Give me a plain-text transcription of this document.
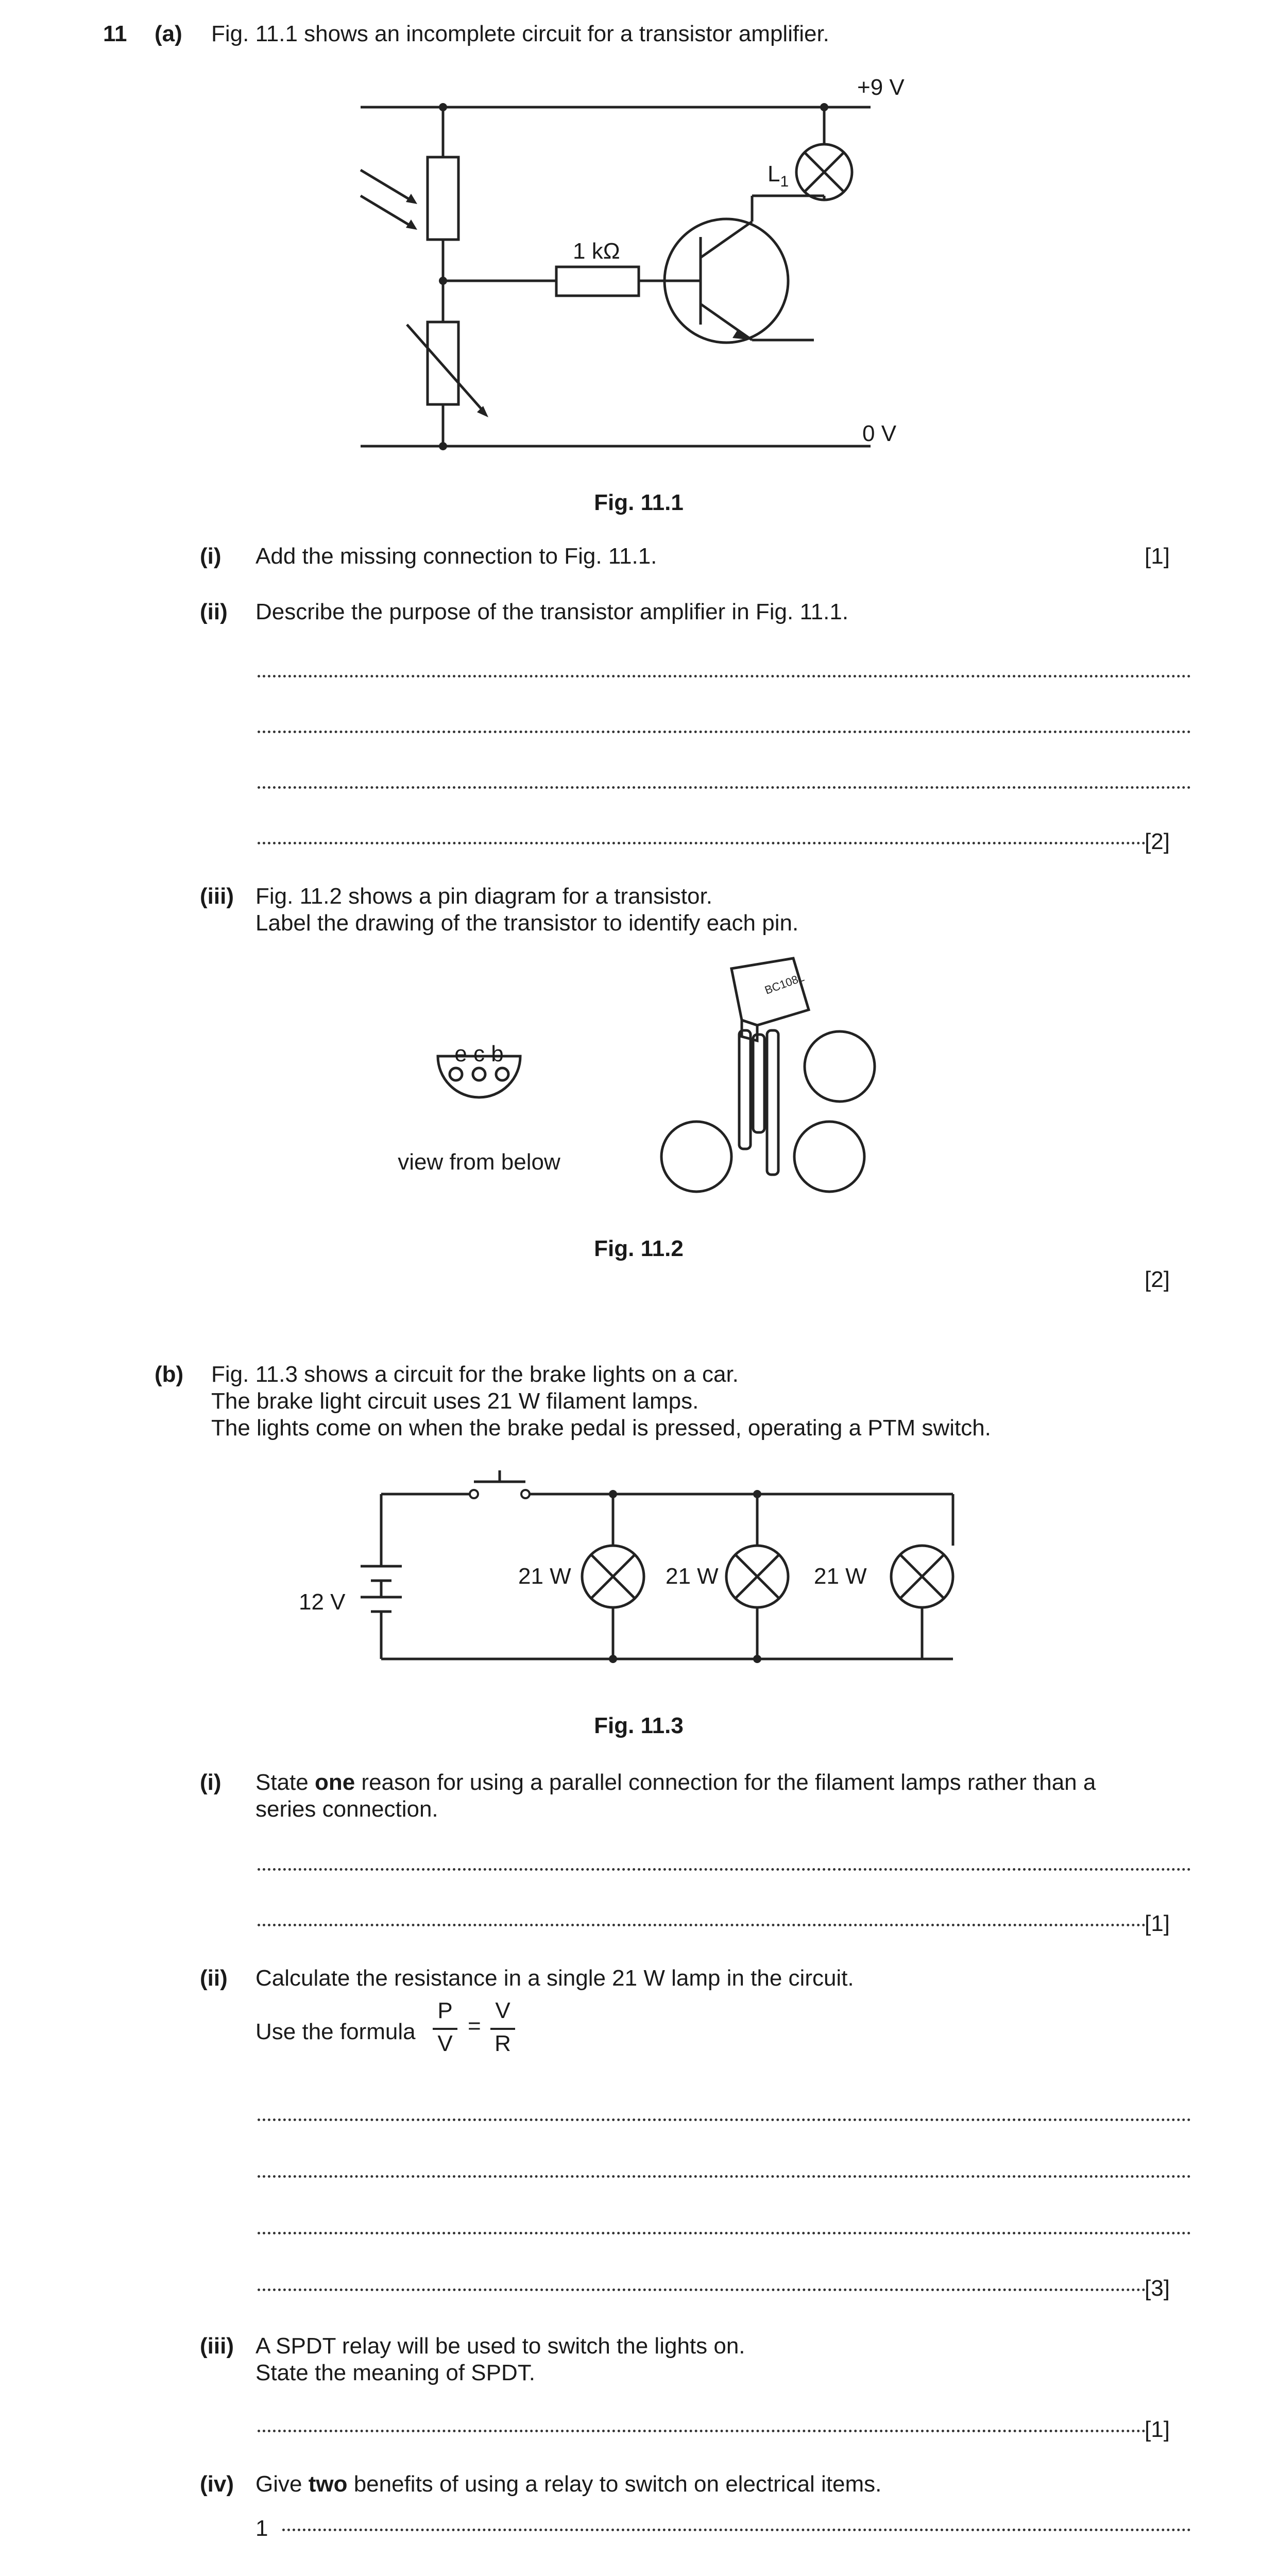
11 (a) Fig. 11.1 shows an incomplete circuit for a transistor amplifier.
+9 V
0 V
1 kΩ
$L_1$
Fig. 11.1
(i) Add the missing connection to Fig. 11.1.	[1]
(ii) Describe the purpose of the transistor amplifier in Fig. 11.1.
[2]
(iii) Fig. 11.2 shows a pin diagram for a transistor.
Label the drawing of the transistor to identify each pin.
BC108L
e c b
view from below
Fig. 11.2
[2]
(b) Fig. 11.3 shows a circuit for the brake lights on a car.
The brake light circuit uses 21 W filament lamps.
The lights come on when the brake pedal is pressed, operating a PTM switch.
12 V
21 W	21 W	21 W
Fig. 11.3
(i) State one reason for using a parallel connection for the filament lamps rather than a
series connection.
[1]
(ii) Calculate the resistance in a single 21 W lamp in the circuit.
Use the formula
P
V
=
V
R
[3]
(iii) A SPDT relay will be used to switch the lights on.
State the meaning of SPDT.
[1]
(iv) Give two benefits of using a relay to switch on electrical items.
1
